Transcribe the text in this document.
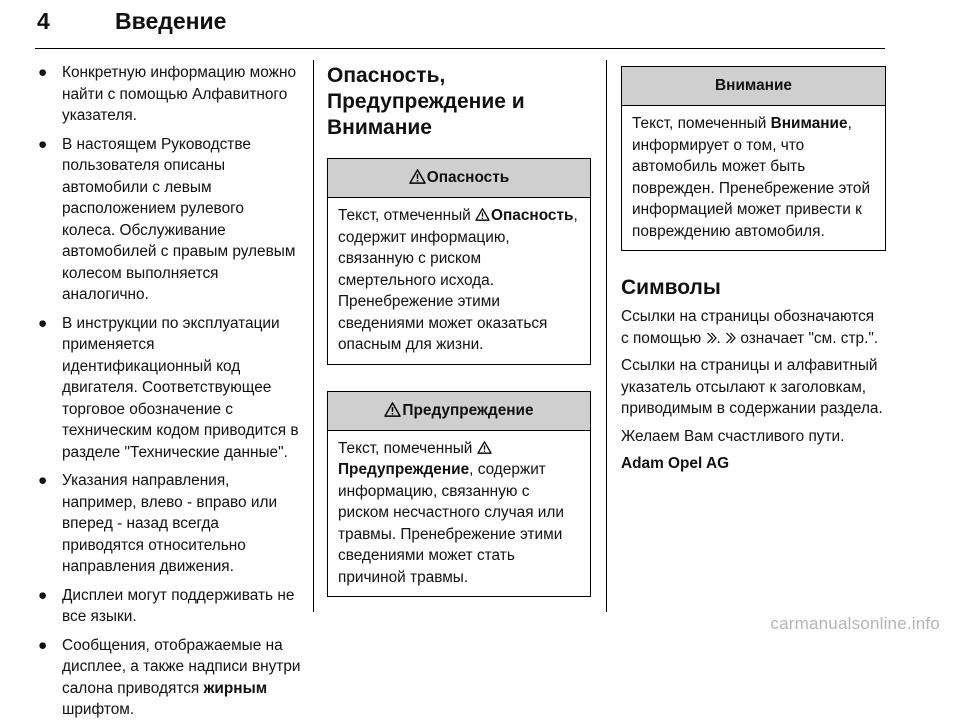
4	Введение
● Конкретную информацию можно найти с помощью Алфавитного указателя.
● В настоящем Руководстве пользователя описаны автомобили с левым расположением рулевого колеса. Обслуживание автомобилей с правым рулевым колесом выполняется аналогично.
● В инструкции по эксплуатации применяется идентификационный код двигателя. Соответствующее торговое обозначение с техническим кодом приводится в разделе "Технические данные".
● Указания направления, например, влево - вправо или вперед - назад всегда приводятся относительно направления движения.
● Дисплеи могут поддерживать не все языки.
● Сообщения, отображаемые на дисплее, а также надписи внутри салона приводятся жирным шрифтом.
Опасность, Предупреждение и Внимание
Опасность
Текст, отмеченный Опасность, содержит информацию, связанную с риском смертельного исхода. Пренебрежение этими сведениями может оказаться опасным для жизни.
Предупреждение
Текст, помеченный Предупреждение, содержит информацию, связанную с риском несчастного случая или травмы. Пренебрежение этими сведениями может стать причиной травмы.
Внимание
Текст, помеченный Внимание, информирует о том, что автомобиль может быть поврежден. Пренебрежение этой информацией может привести к повреждению автомобиля.
Символы

Ссылки на страницы обозначаются с помощью .  означает "см. стр.".

Ссылки на страницы и алфавитный указатель отсылают к заголовкам, приводимым в содержании раздела.

Желаем Вам счастливого пути.

Adam Opel AG

carmanualsonline.info
